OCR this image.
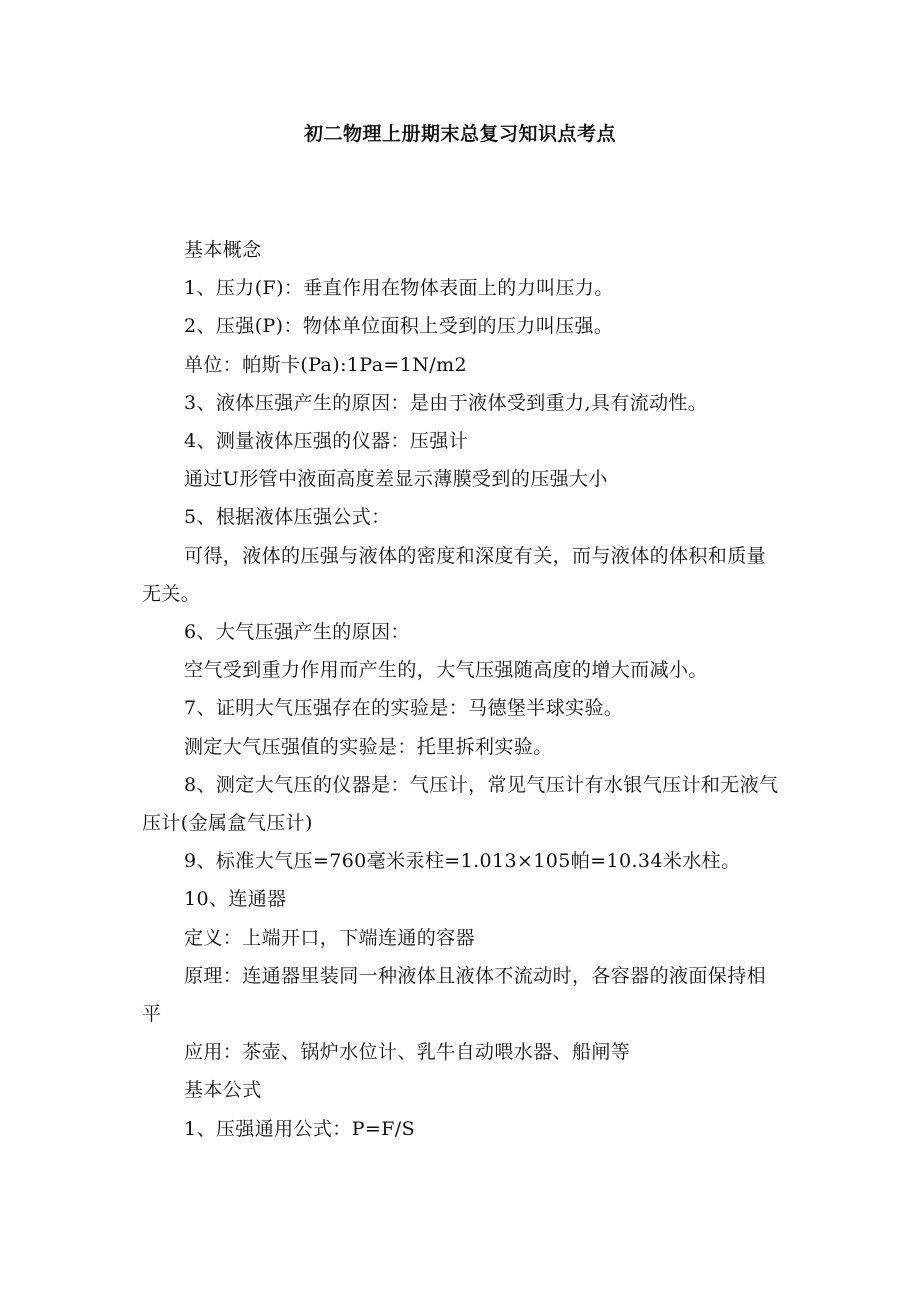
初二物理上册期末总复习知识点考点

基本概念

1、压力(F)：垂直作用在物体表面上的力叫压力。

2、压强(P)：物体单位面积上受到的压力叫压强。

单位：帕斯卡(Pa):1Pa=1N/m2

3、液体压强产生的原因：是由于液体受到重力,具有流动性。

4、测量液体压强的仪器：压强计

通过U形管中液面高度差显示薄膜受到的压强大小

5、根据液体压强公式：

可得，液体的压强与液体的密度和深度有关，而与液体的体积和质量无关。

6、大气压强产生的原因：

空气受到重力作用而产生的，大气压强随高度的增大而减小。

7、证明大气压强存在的实验是：马德堡半球实验。

测定大气压强值的实验是：托里拆利实验。

8、测定大气压的仪器是：气压计，常见气压计有水银气压计和无液气压计(金属盒气压计)

9、标准大气压=760毫米汞柱=1.013×105帕=10.34米水柱。

10、连通器

定义：上端开口，下端连通的容器

原理：连通器里装同一种液体且液体不流动时，各容器的液面保持相平

应用：茶壶、锅炉水位计、乳牛自动喂水器、船闸等

基本公式

1、压强通用公式：P=F/S
